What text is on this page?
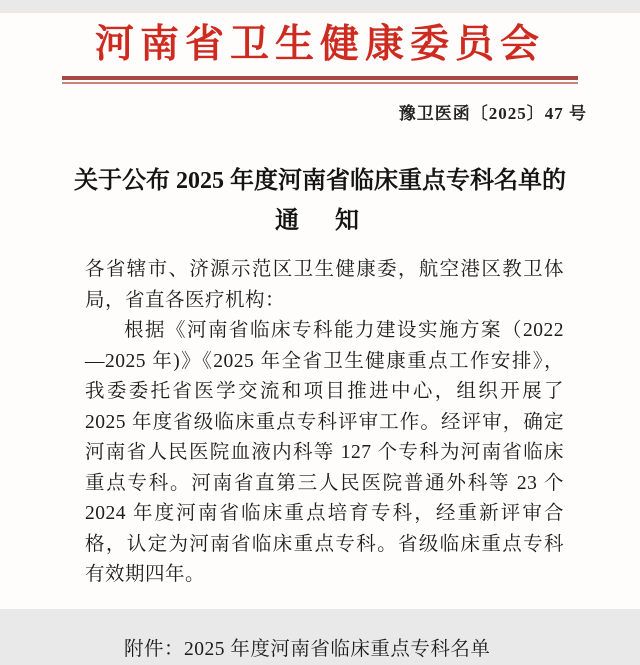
河南省卫生健康委员会
豫卫医函〔2025〕47 号
关于公布 2025 年度河南省临床重点专科名单的
通　知

各省辖市、济源示范区卫生健康委，航空港区教卫体局，省直各医疗机构：

根据《河南省临床专科能力建设实施方案（2022—2025 年)》《2025 年全省卫生健康重点工作安排》，我委委托省医学交流和项目推进中心，组织开展了 2025 年度省级临床重点专科评审工作。经评审，确定河南省人民医院血液内科等 127 个专科为河南省临床重点专科。河南省直第三人民医院普通外科等 23 个 2024 年度河南省临床重点培育专科，经重新评审合格，认定为河南省临床重点专科。省级临床重点专科有效期四年。

附件：2025 年度河南省临床重点专科名单
